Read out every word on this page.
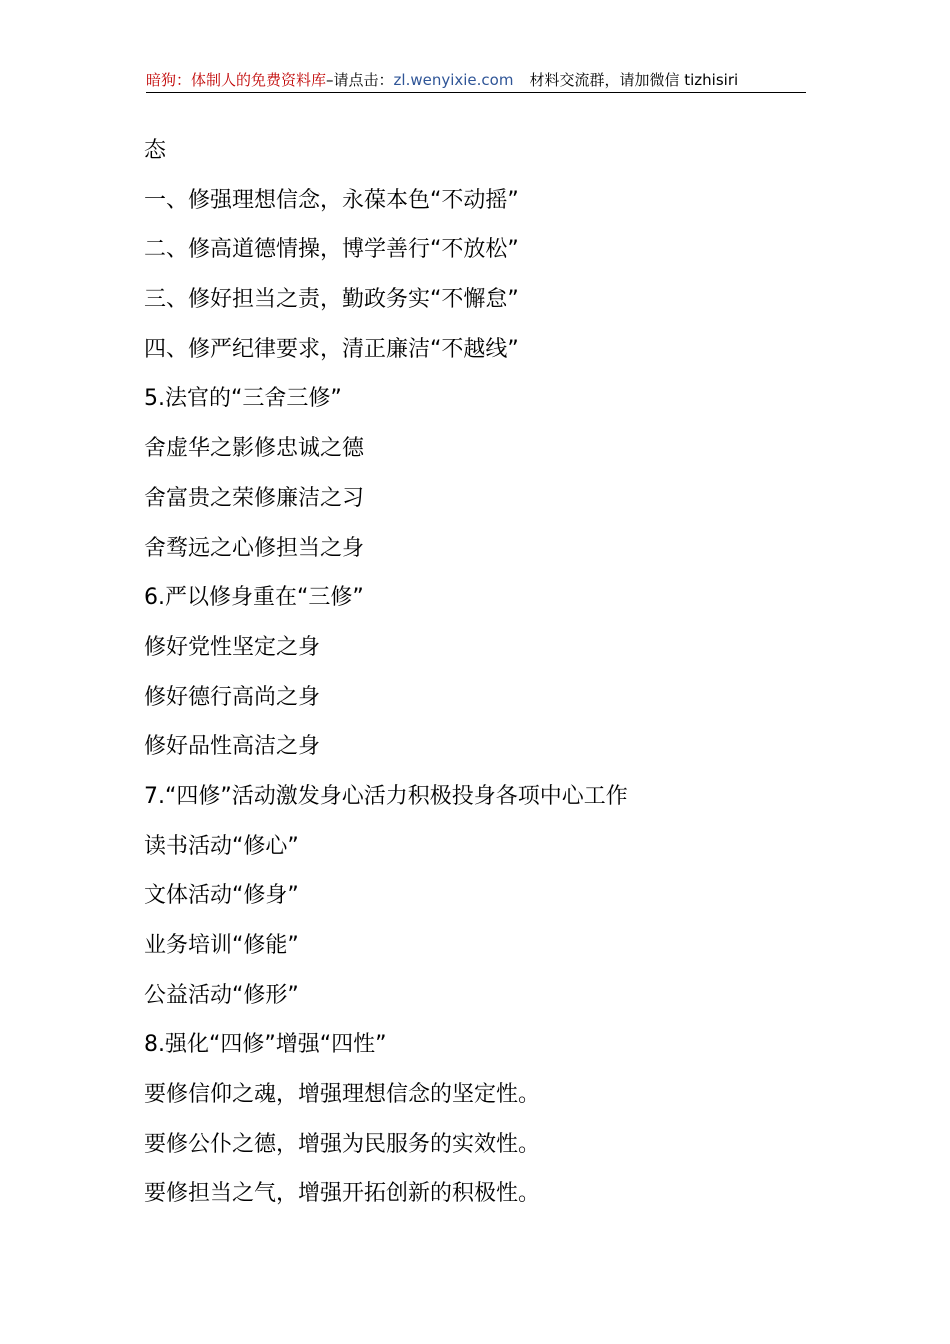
暗狗：体制人的免费资料库–请点击：zl.wenyixie.com 材料交流群，请加微信 tizhisiri
态
一、修强理想信念，永葆本色“不动摇”
二、修高道德情操，博学善行“不放松”
三、修好担当之责，勤政务实“不懈怠”
四、修严纪律要求，清正廉洁“不越线”
5.法官的“三舍三修”
舍虚华之影修忠诚之德
舍富贵之荣修廉洁之习
舍骛远之心修担当之身
6.严以修身重在“三修”
修好党性坚定之身
修好德行高尚之身
修好品性高洁之身
7.“四修”活动激发身心活力积极投身各项中心工作
读书活动“修心”
文体活动“修身”
业务培训“修能”
公益活动“修形”
8.强化“四修”增强“四性”
要修信仰之魂，增强理想信念的坚定性。
要修公仆之德，增强为民服务的实效性。
要修担当之气，增强开拓创新的积极性。
